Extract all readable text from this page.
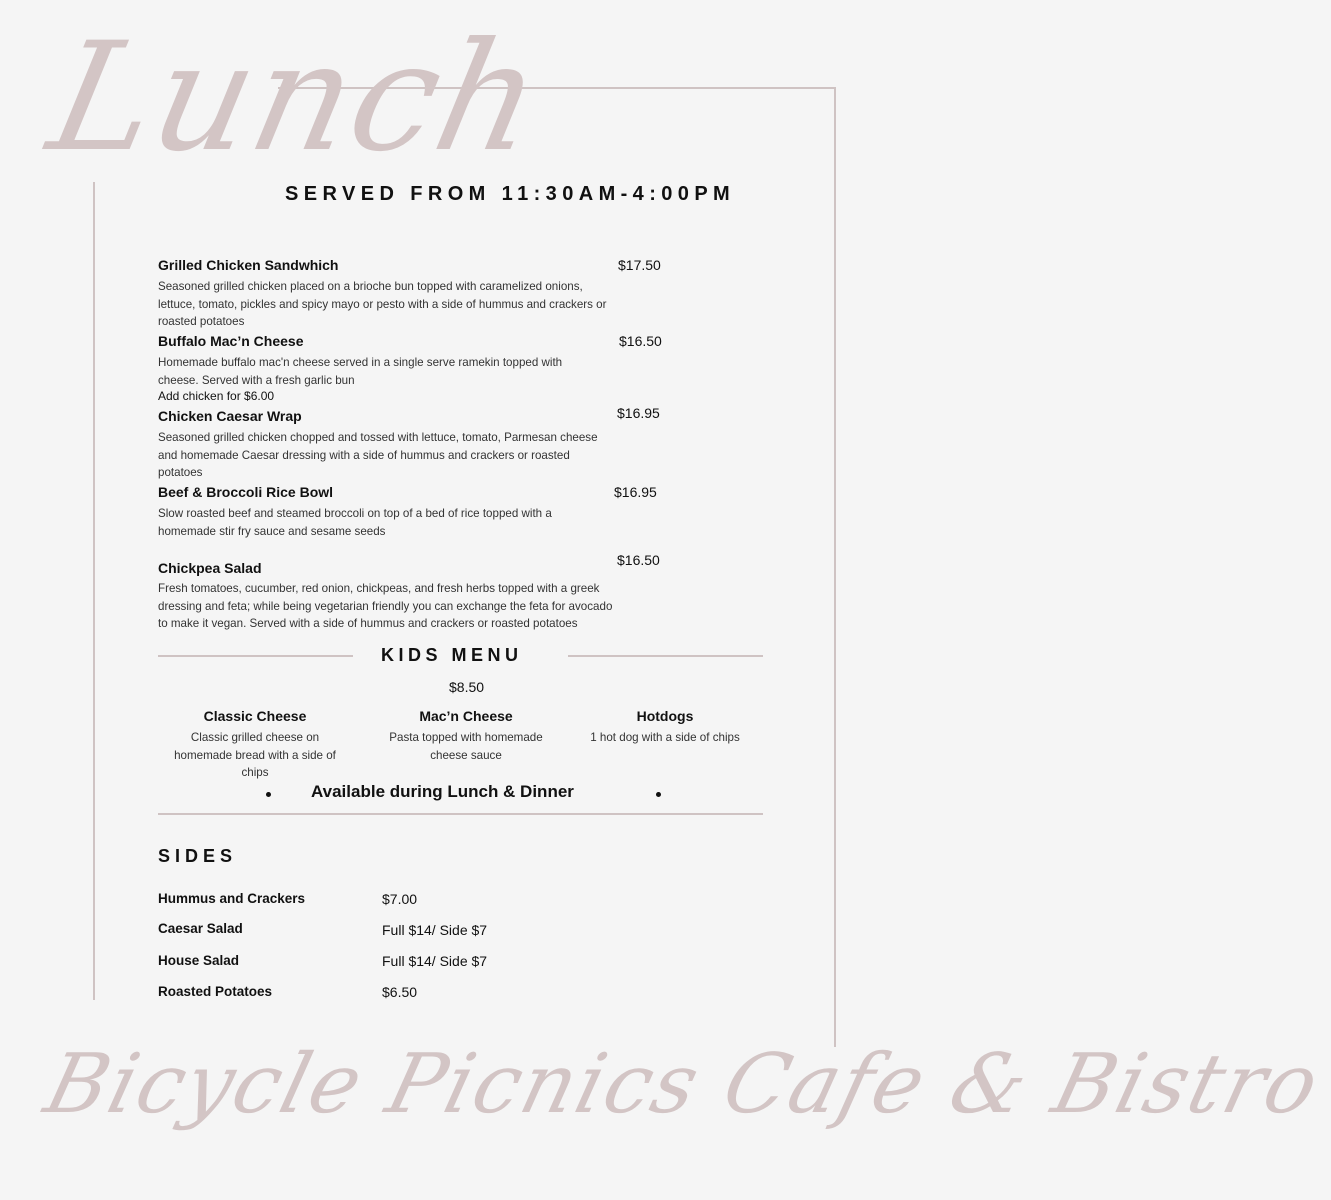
Lunch
SERVED FROM 11:30AM-4:00PM
Grilled Chicken Sandwhich	$17.50
Seasoned grilled chicken placed on a brioche bun topped with caramelized onions, lettuce, tomato, pickles and spicy mayo or pesto with a side of hummus and crackers or roasted potatoes
Buffalo Mac’n Cheese	$16.50
Homemade buffalo mac'n cheese served in a single serve ramekin topped with cheese. Served with a fresh garlic bun
Add chicken for $6.00
Chicken Caesar Wrap	$16.95
Seasoned grilled chicken chopped and tossed with lettuce, tomato, Parmesan cheese and homemade Caesar dressing with a side of hummus and crackers or roasted potatoes
Beef & Broccoli Rice Bowl	$16.95
Slow roasted beef and steamed broccoli on top of a bed of rice topped with a homemade stir fry sauce and sesame seeds
Chickpea Salad	$16.50
Fresh tomatoes, cucumber, red onion, chickpeas, and fresh herbs topped with a greek dressing and feta; while being vegetarian friendly you can exchange the feta for avocado to make it vegan. Served with a side of hummus and crackers or roasted potatoes
KIDS MENU
$8.50
Classic Cheese
Classic grilled cheese on homemade bread with a side of chips
Mac’n Cheese
Pasta topped with homemade cheese sauce
Hotdogs
1 hot dog with a side of chips
Available during Lunch & Dinner
SIDES
Hummus and Crackers	$7.00
Caesar Salad	Full $14/ Side $7
House Salad	Full $14/ Side $7
Roasted Potatoes	$6.50
Bicycle Picnics Cafe & Bistro
